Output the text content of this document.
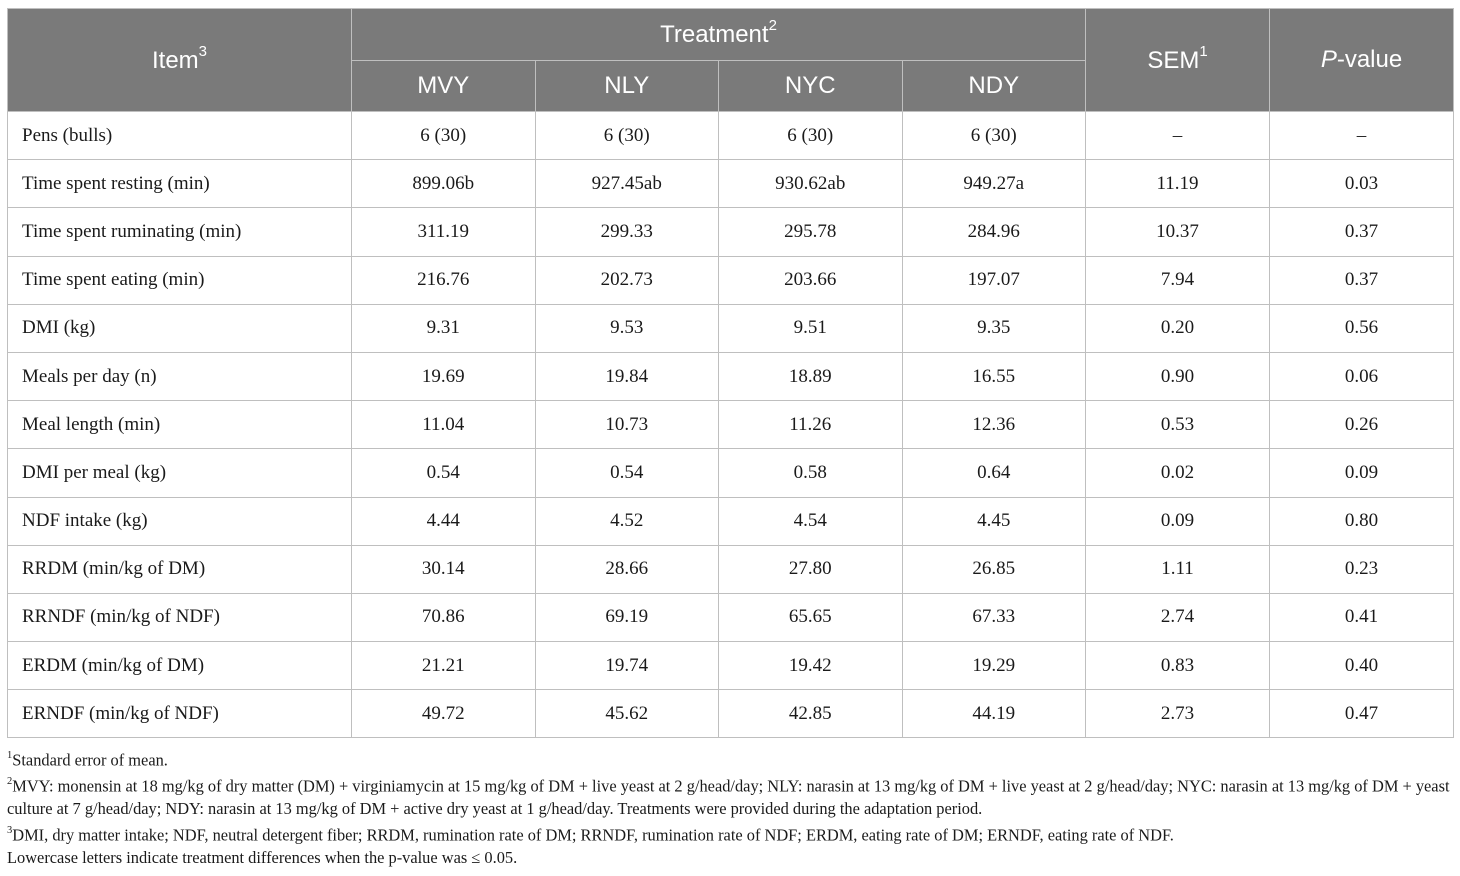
Item$^3$	Treatment$^2$				SEM$^1$	P-value
	MVY	NLY	NYC	NDY		
Pens (bulls)	6 (30)	6 (30)	6 (30)	6 (30)	–	–
Time spent resting (min)	899.06b	927.45ab	930.62ab	949.27a	11.19	0.03
Time spent ruminating (min)	311.19	299.33	295.78	284.96	10.37	0.37
Time spent eating (min)	216.76	202.73	203.66	197.07	7.94	0.37
DMI (kg)	9.31	9.53	9.51	9.35	0.20	0.56
Meals per day (n)	19.69	19.84	18.89	16.55	0.90	0.06
Meal length (min)	11.04	10.73	11.26	12.36	0.53	0.26
DMI per meal (kg)	0.54	0.54	0.58	0.64	0.02	0.09
NDF intake (kg)	4.44	4.52	4.54	4.45	0.09	0.80
RRDM (min/kg of DM)	30.14	28.66	27.80	26.85	1.11	0.23
RRNDF (min/kg of NDF)	70.86	69.19	65.65	67.33	2.74	0.41
ERDM (min/kg of DM)	21.21	19.74	19.42	19.29	0.83	0.40
ERNDF (min/kg of NDF)	49.72	45.62	42.85	44.19	2.73	0.47

$^1$Standard error of mean.

$^2$MVY: monensin at 18 mg/kg of dry matter (DM) + virginiamycin at 15 mg/kg of DM + live yeast at 2 g/head/day; NLY: narasin at 13 mg/kg of DM + live yeast at 2 g/head/day; NYC: narasin at 13 mg/kg of DM + yeast culture at 7 g/head/day; NDY: narasin at 13 mg/kg of DM + active dry yeast at 1 g/head/day. Treatments were provided during the adaptation period.

$^3$DMI, dry matter intake; NDF, neutral detergent fiber; RRDM, rumination rate of DM; RRNDF, rumination rate of NDF; ERDM, eating rate of DM; ERNDF, eating rate of NDF.

Lowercase letters indicate treatment differences when the p-value was ≤ 0.05.
